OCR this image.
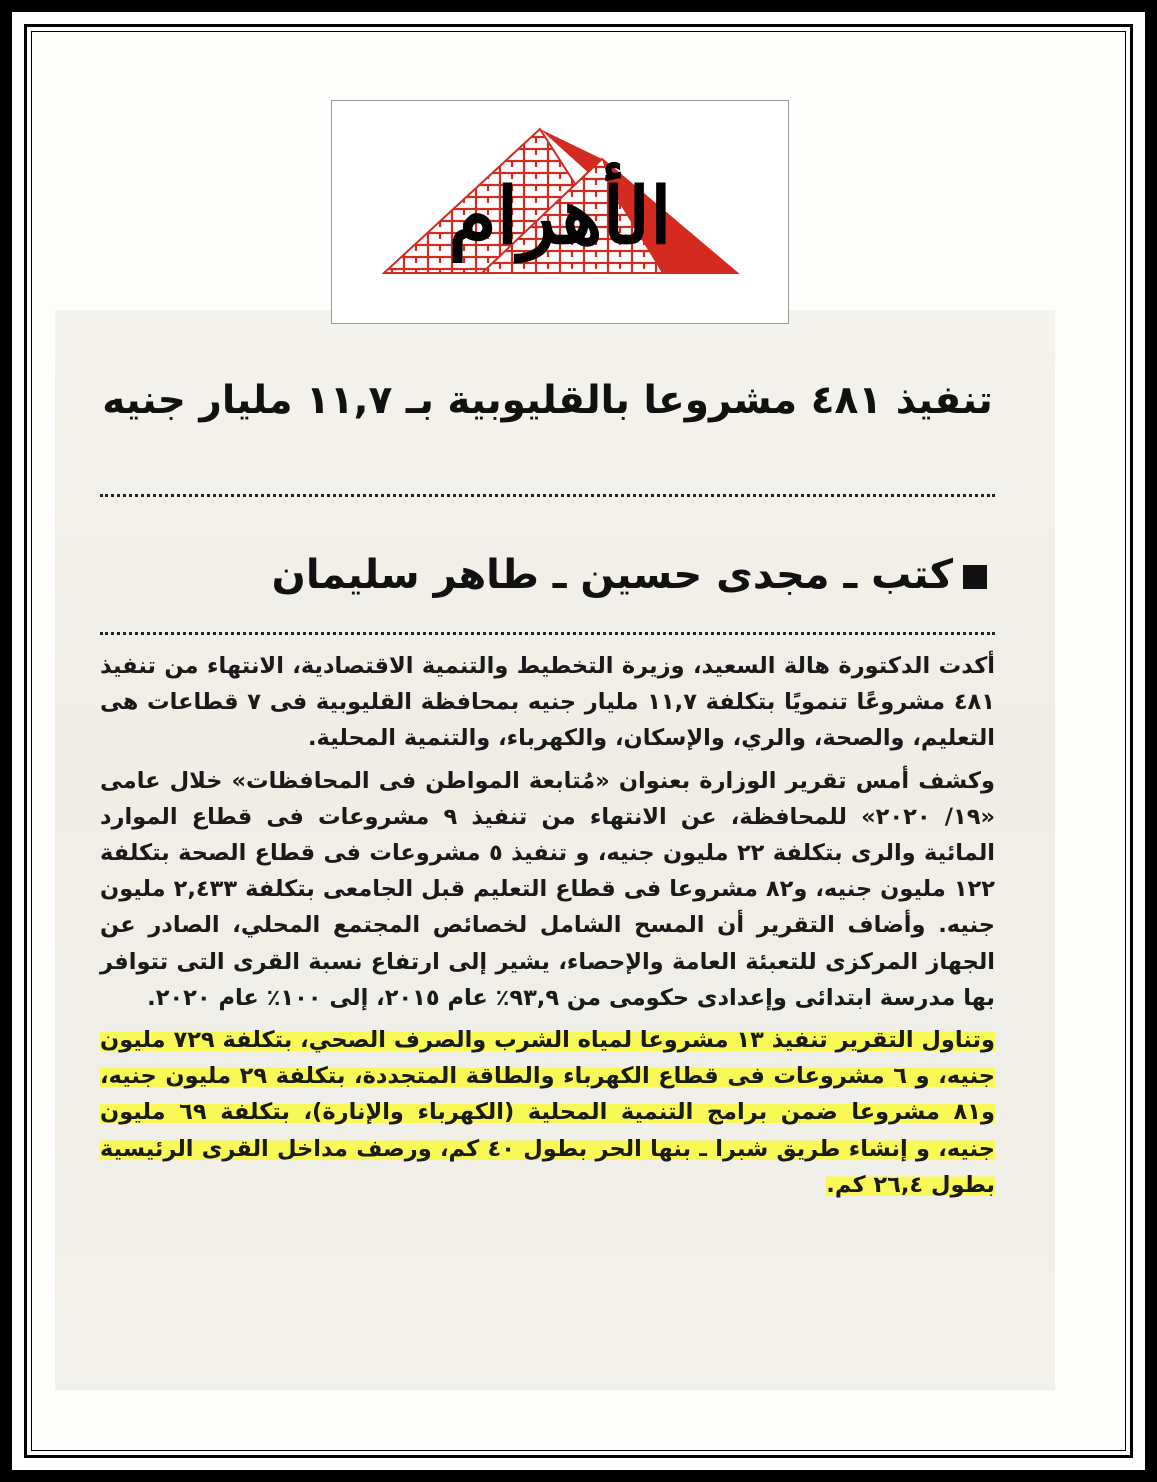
الأهرام
تنفيذ ٤٨١ مشروعا بالقليوبية بـ ١١,٧ مليار جنيه
كتب ـ مجدى حسين ـ طاهر سليمان

أكدت الدكتورة هالة السعيد، وزيرة التخطيط والتنمية الاقتصادية، الانتهاء من تنفيذ ٤٨١ مشروعًا تنمويًا بتكلفة ١١,٧ مليار جنيه بمحافظة القليوبية فى ٧ قطاعات هى التعليم، والصحة، والري، والإسكان، والكهرباء، والتنمية المحلية.

وكشف أمس تقرير الوزارة بعنوان «مُتابعة المواطن فى المحافظات» خلال عامى «١٩/ ٢٠٢٠» للمحافظة، عن الانتهاء من تنفيذ ٩ مشروعات فى قطاع الموارد المائية والرى بتكلفة ٢٢ مليون جنيه، و تنفيذ ٥ مشروعات فى قطاع الصحة بتكلفة ١٢٢ مليون جنيه، و٨٢ مشروعا فى قطاع التعليم قبل الجامعى بتكلفة ٢,٤٣٣ مليون جنيه. وأضاف التقرير أن المسح الشامل لخصائص المجتمع المحلي، الصادر عن الجهاز المركزى للتعبئة العامة والإحصاء، يشير إلى ارتفاع نسبة القرى التى تتوافر بها مدرسة ابتدائى وإعدادى حكومى من ٩٣,٩٪ عام ٢٠١٥، إلى ١٠٠٪ عام ٢٠٢٠.

وتناول التقرير تنفيذ ١٣ مشروعا لمياه الشرب والصرف الصحي، بتكلفة ٧٢٩ مليون جنيه، و ٦ مشروعات فى قطاع الكهرباء والطاقة المتجددة، بتكلفة ٢٩ مليون جنيه، و٨١ مشروعا ضمن برامج التنمية المحلية (الكهرباء والإنارة)، بتكلفة ٦٩ مليون جنيه، و إنشاء طريق شبرا ـ بنها الحر بطول ٤٠ كم، ورصف مداخل القرى الرئيسية بطول ٢٦,٤ كم.
